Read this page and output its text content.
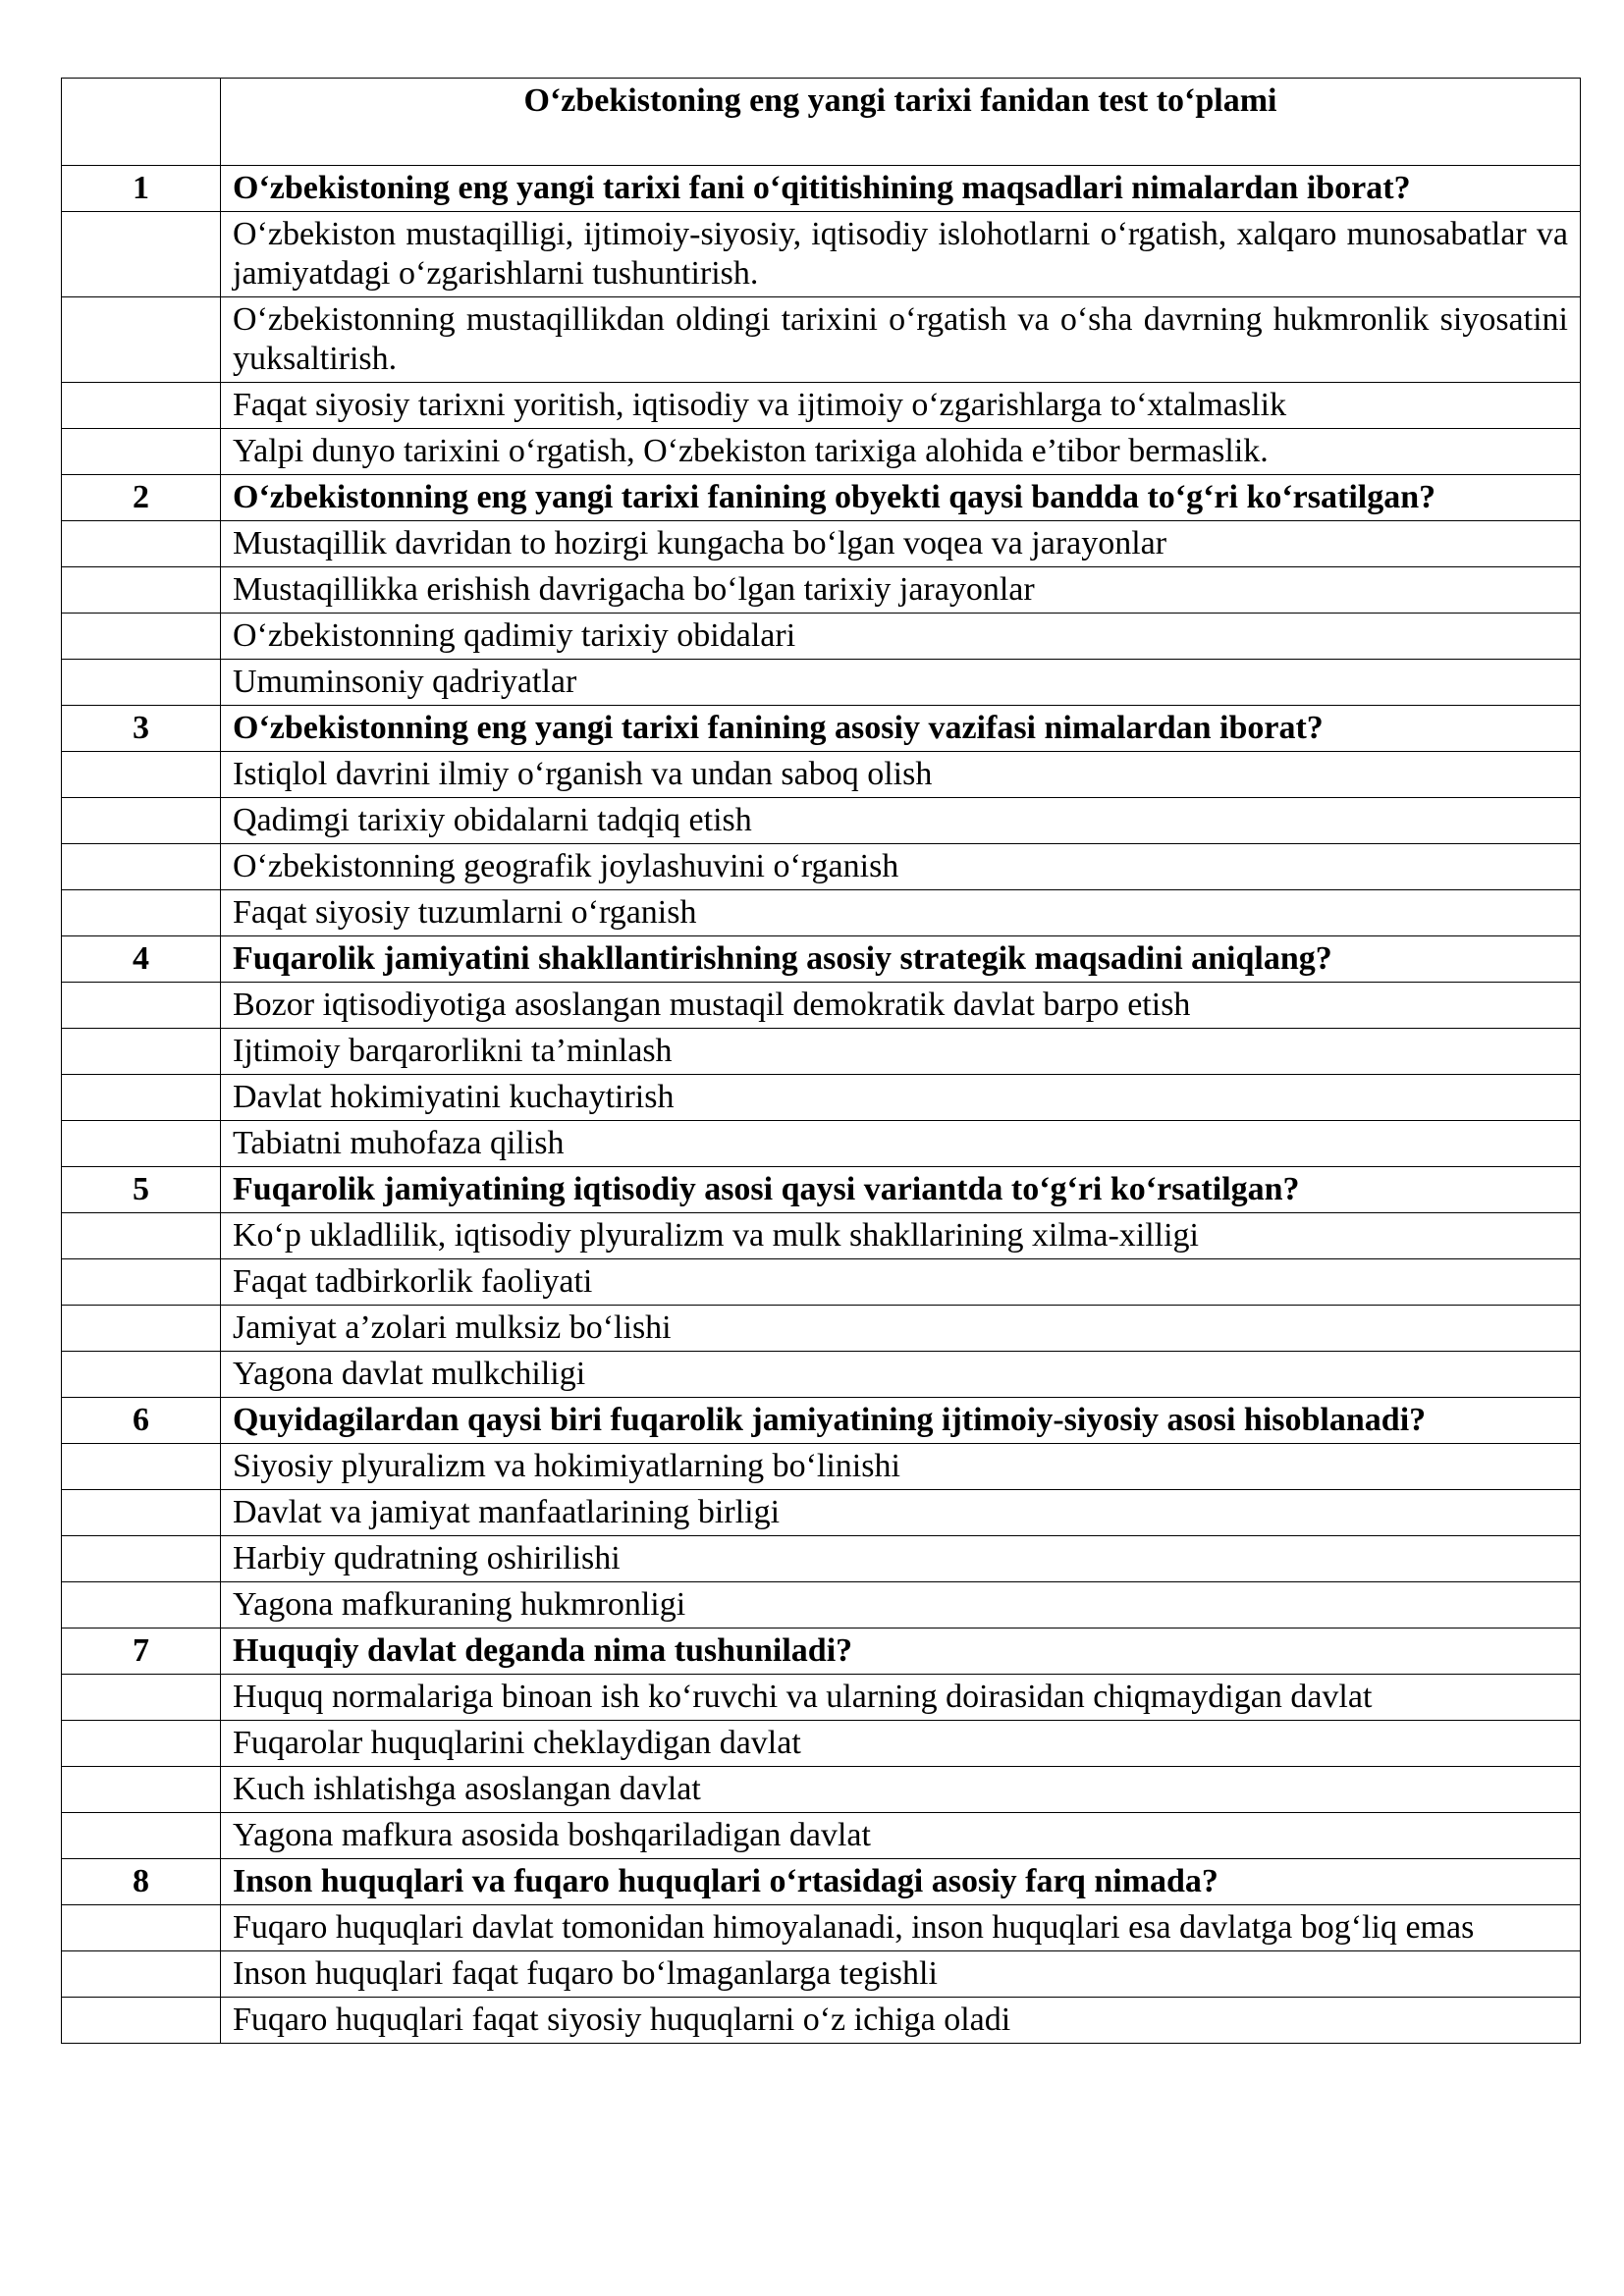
	O‘zbekistoning eng yangi tarixi fanidan test to‘plami
1	O‘zbekistoning eng yangi tarixi fani o‘qititishining maqsadlari nimalardan iborat?
	O‘zbekiston mustaqilligi, ijtimoiy-siyosiy, iqtisodiy islohotlarni o‘rgatish, xalqaro munosabatlar va jamiyatdagi o‘zgarishlarni tushuntirish.
	O‘zbekistonning mustaqillikdan oldingi tarixini o‘rgatish va o‘sha davrning hukmronlik siyosatini yuksaltirish.
	Faqat siyosiy tarixni yoritish, iqtisodiy va ijtimoiy o‘zgarishlarga to‘xtalmaslik
	Yalpi dunyo tarixini o‘rgatish, O‘zbekiston tarixiga alohida e’tibor bermaslik.
2	O‘zbekistonning eng yangi tarixi fanining obyekti qaysi bandda to‘g‘ri ko‘rsatilgan?
	Mustaqillik davridan to hozirgi kungacha bo‘lgan voqea va jarayonlar
	Mustaqillikka erishish davrigacha bo‘lgan tarixiy jarayonlar
	O‘zbekistonning qadimiy tarixiy obidalari
	Umuminsoniy qadriyatlar
3	O‘zbekistonning eng yangi tarixi fanining asosiy vazifasi nimalardan iborat?
	Istiqlol davrini ilmiy o‘rganish va undan saboq olish
	Qadimgi tarixiy obidalarni tadqiq etish
	O‘zbekistonning geografik joylashuvini o‘rganish
	Faqat siyosiy tuzumlarni o‘rganish
4	Fuqarolik jamiyatini shakllantirishning asosiy strategik maqsadini aniqlang?
	Bozor iqtisodiyotiga asoslangan mustaqil demokratik davlat barpo etish
	Ijtimoiy barqarorlikni ta’minlash
	Davlat hokimiyatini kuchaytirish
	Tabiatni muhofaza qilish
5	Fuqarolik jamiyatining iqtisodiy asosi qaysi variantda to‘g‘ri ko‘rsatilgan?
	Ko‘p ukladlilik, iqtisodiy plyuralizm va mulk shakllarining xilma-xilligi
	Faqat tadbirkorlik faoliyati
	Jamiyat a’zolari mulksiz bo‘lishi
	Yagona davlat mulkchiligi
6	Quyidagilardan qaysi biri fuqarolik jamiyatining ijtimoiy-siyosiy asosi hisoblanadi?
	Siyosiy plyuralizm va hokimiyatlarning bo‘linishi
	Davlat va jamiyat manfaatlarining birligi
	Harbiy qudratning oshirilishi
	Yagona mafkuraning hukmronligi
7	Huquqiy davlat deganda nima tushuniladi?
	Huquq normalariga binoan ish ko‘ruvchi va ularning doirasidan chiqmaydigan davlat
	Fuqarolar huquqlarini cheklaydigan davlat
	Kuch ishlatishga asoslangan davlat
	Yagona mafkura asosida boshqariladigan davlat
8	Inson huquqlari va fuqaro huquqlari o‘rtasidagi asosiy farq nimada?
	Fuqaro huquqlari davlat tomonidan himoyalanadi, inson huquqlari esa davlatga bog‘liq emas
	Inson huquqlari faqat fuqaro bo‘lmaganlarga tegishli
	Fuqaro huquqlari faqat siyosiy huquqlarni o‘z ichiga oladi
